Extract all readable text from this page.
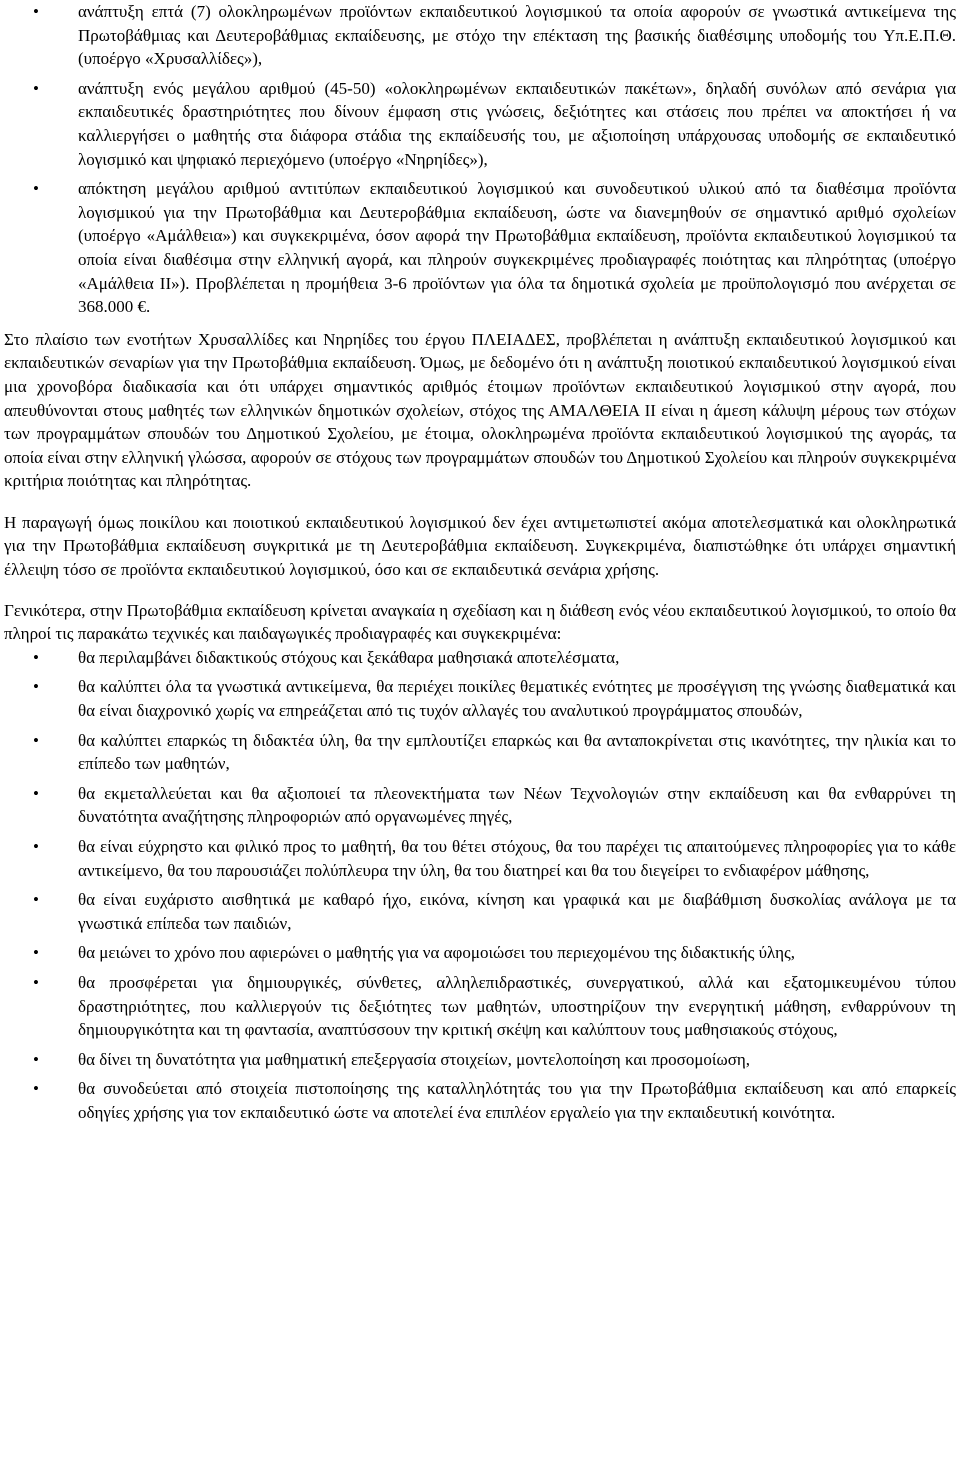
• ανάπτυξη επτά (7) ολοκληρωμένων προϊόντων εκπαιδευτικού λογισμικού τα οποία αφορούν σε γνωστικά αντικείμενα της Πρωτοβάθμιας και Δευτεροβάθμιας εκπαίδευσης, με στόχο την επέκταση της βασικής διαθέσιμης υποδομής του Υπ.Ε.Π.Θ. (υποέργο «Χρυσαλλίδες»),
• ανάπτυξη ενός μεγάλου αριθμού (45-50) «ολοκληρωμένων εκπαιδευτικών πακέτων», δηλαδή συνόλων από σενάρια για εκπαιδευτικές δραστηριότητες που δίνουν έμφαση στις γνώσεις, δεξιότητες και στάσεις που πρέπει να αποκτήσει ή να καλλιεργήσει ο μαθητής στα διάφορα στάδια της εκπαίδευσής του, με αξιοποίηση υπάρχουσας υποδομής σε εκπαιδευτικό λογισμικό και ψηφιακό περιεχόμενο (υποέργο «Νηρηίδες»),
• απόκτηση μεγάλου αριθμού αντιτύπων εκπαιδευτικού λογισμικού και συνοδευτικού υλικού από τα διαθέσιμα προϊόντα λογισμικού για την Πρωτοβάθμια και Δευτεροβάθμια εκπαίδευση, ώστε να διανεμηθούν σε σημαντικό αριθμό σχολείων (υποέργο «Αμάλθεια») και συγκεκριμένα, όσον αφορά την Πρωτοβάθμια εκπαίδευση, προϊόντα εκπαιδευτικού λογισμικού τα οποία είναι διαθέσιμα στην ελληνική αγορά, και πληρούν συγκεκριμένες προδιαγραφές ποιότητας και πληρότητας (υποέργο «Αμάλθεια ΙΙ»). Προβλέπεται η προμήθεια 3-6 προϊόντων για όλα τα δημοτικά σχολεία με προϋπολογισμό που ανέρχεται σε 368.000 €.

Στο πλαίσιο των ενοτήτων Χρυσαλλίδες και Νηρηίδες του έργου ΠΛΕΙΑΔΕΣ, προβλέπεται η ανάπτυξη εκπαιδευτικού λογισμικού και εκπαιδευτικών σεναρίων για την Πρωτοβάθμια εκπαίδευση. Όμως, με δεδομένο ότι η ανάπτυξη ποιοτικού εκπαιδευτικού λογισμικού είναι μια χρονοβόρα διαδικασία και ότι υπάρχει σημαντικός αριθμός έτοιμων προϊόντων εκπαιδευτικού λογισμικού στην αγορά, που απευθύνονται στους μαθητές των ελληνικών δημοτικών σχολείων, στόχος της ΑΜΑΛΘΕΙΑ ΙΙ είναι η άμεση κάλυψη μέρους των στόχων των προγραμμάτων σπουδών του Δημοτικού Σχολείου, με έτοιμα, ολοκληρωμένα προϊόντα εκπαιδευτικού λογισμικού της αγοράς, τα οποία είναι στην ελληνική γλώσσα, αφορούν σε στόχους των προγραμμάτων σπουδών του Δημοτικού Σχολείου και πληρούν συγκεκριμένα κριτήρια ποιότητας και πληρότητας.

Η παραγωγή όμως ποικίλου και ποιοτικού εκπαιδευτικού λογισμικού δεν έχει αντιμετωπιστεί ακόμα αποτελεσματικά και ολοκληρωτικά για την Πρωτοβάθμια εκπαίδευση συγκριτικά με τη Δευτεροβάθμια εκπαίδευση. Συγκεκριμένα, διαπιστώθηκε ότι υπάρχει σημαντική έλλειψη τόσο σε προϊόντα εκπαιδευτικού λογισμικού, όσο και σε εκπαιδευτικά σενάρια χρήσης.

Γενικότερα, στην Πρωτοβάθμια εκπαίδευση κρίνεται αναγκαία η σχεδίαση και η διάθεση ενός νέου εκπαιδευτικού λογισμικού, το οποίο θα πληροί τις παρακάτω τεχνικές και παιδαγωγικές προδιαγραφές και συγκεκριμένα:

• θα περιλαμβάνει διδακτικούς στόχους και ξεκάθαρα μαθησιακά αποτελέσματα,
• θα καλύπτει όλα τα γνωστικά αντικείμενα, θα περιέχει ποικίλες θεματικές ενότητες με προσέγγιση της γνώσης διαθεματικά και θα είναι διαχρονικό χωρίς να επηρεάζεται από τις τυχόν αλλαγές του αναλυτικού προγράμματος σπουδών,
• θα καλύπτει επαρκώς τη διδακτέα ύλη, θα την εμπλουτίζει επαρκώς και θα ανταποκρίνεται στις ικανότητες, την ηλικία και το επίπεδο των μαθητών,
• θα εκμεταλλεύεται και θα αξιοποιεί τα πλεονεκτήματα των Νέων Τεχνολογιών στην εκπαίδευση και θα ενθαρρύνει τη δυνατότητα αναζήτησης πληροφοριών από οργανωμένες πηγές,
• θα είναι εύχρηστο και φιλικό προς το μαθητή, θα του θέτει στόχους, θα του παρέχει τις απαιτούμενες πληροφορίες για το κάθε αντικείμενο, θα του παρουσιάζει πολύπλευρα την ύλη, θα του διατηρεί και θα του διεγείρει το ενδιαφέρον μάθησης,
• θα είναι ευχάριστο αισθητικά με καθαρό ήχο, εικόνα, κίνηση και γραφικά και με διαβάθμιση δυσκολίας ανάλογα με τα γνωστικά επίπεδα των παιδιών,
• θα μειώνει το χρόνο που αφιερώνει ο μαθητής για να αφομοιώσει του περιεχομένου της διδακτικής ύλης,
• θα προσφέρεται για δημιουργικές, σύνθετες, αλληλεπιδραστικές, συνεργατικού, αλλά και εξατομικευμένου τύπου δραστηριότητες, που καλλιεργούν τις δεξιότητες των μαθητών, υποστηρίζουν την ενεργητική μάθηση, ενθαρρύνουν τη δημιουργικότητα και τη φαντασία, αναπτύσσουν την κριτική σκέψη και καλύπτουν τους μαθησιακούς στόχους,
• θα δίνει τη δυνατότητα για μαθηματική επεξεργασία στοιχείων, μοντελοποίηση και προσομοίωση,
• θα συνοδεύεται από στοιχεία πιστοποίησης της καταλληλότητάς του για την Πρωτοβάθμια εκπαίδευση και από επαρκείς οδηγίες χρήσης για τον εκπαιδευτικό ώστε να αποτελεί ένα επιπλέον εργαλείο για την εκπαιδευτική κοινότητα.
